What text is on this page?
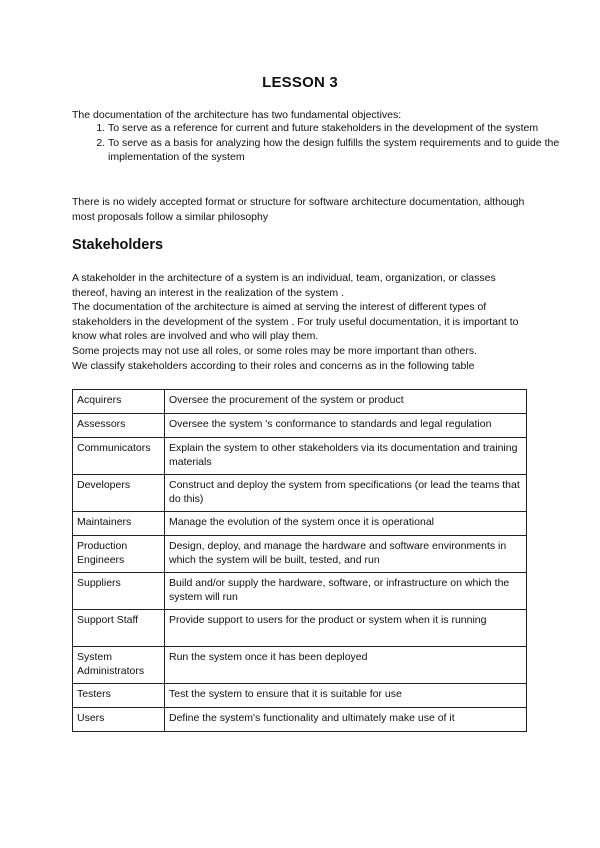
LESSON 3

The documentation of the architecture has two fundamental objectives:

1. To serve as a reference for current and future stakeholders in the development of the system
2. To serve as a basis for analyzing how the design fulfills the system requirements and to guide the implementation of the system

There is no widely accepted format or structure for software architecture documentation, although most proposals follow a similar philosophy

Stakeholders
A stakeholder in the architecture of a system is an individual, team, organization, or classes thereof, having an interest in the realization of the system .
The documentation of the architecture is aimed at serving the interest of different types of stakeholders in the development of the system . For truly useful documentation, it is important to know what roles are involved and who will play them.
Some projects may not use all roles, or some roles may be more important than others.
We classify stakeholders according to their roles and concerns as in the following table
Acquirers	Oversee the procurement of the system or product
Assessors	Oversee the system 's conformance to standards and legal regulation
Communicators	Explain the system to other stakeholders via its documentation and training materials
Developers	Construct and deploy the system from specifications (or lead the teams that do this)
Maintainers	Manage the evolution of the system once it is operational
Production Engineers	Design, deploy, and manage the hardware and software environments in which the system will be built, tested, and run
Suppliers	Build and/or supply the hardware, software, or infrastructure on which the system will run
Support Staff	Provide support to users for the product or system when it is running
System Administrators	Run the system once it has been deployed
Testers	Test the system to ensure that it is suitable for use
Users	Define the system's functionality and ultimately make use of it
